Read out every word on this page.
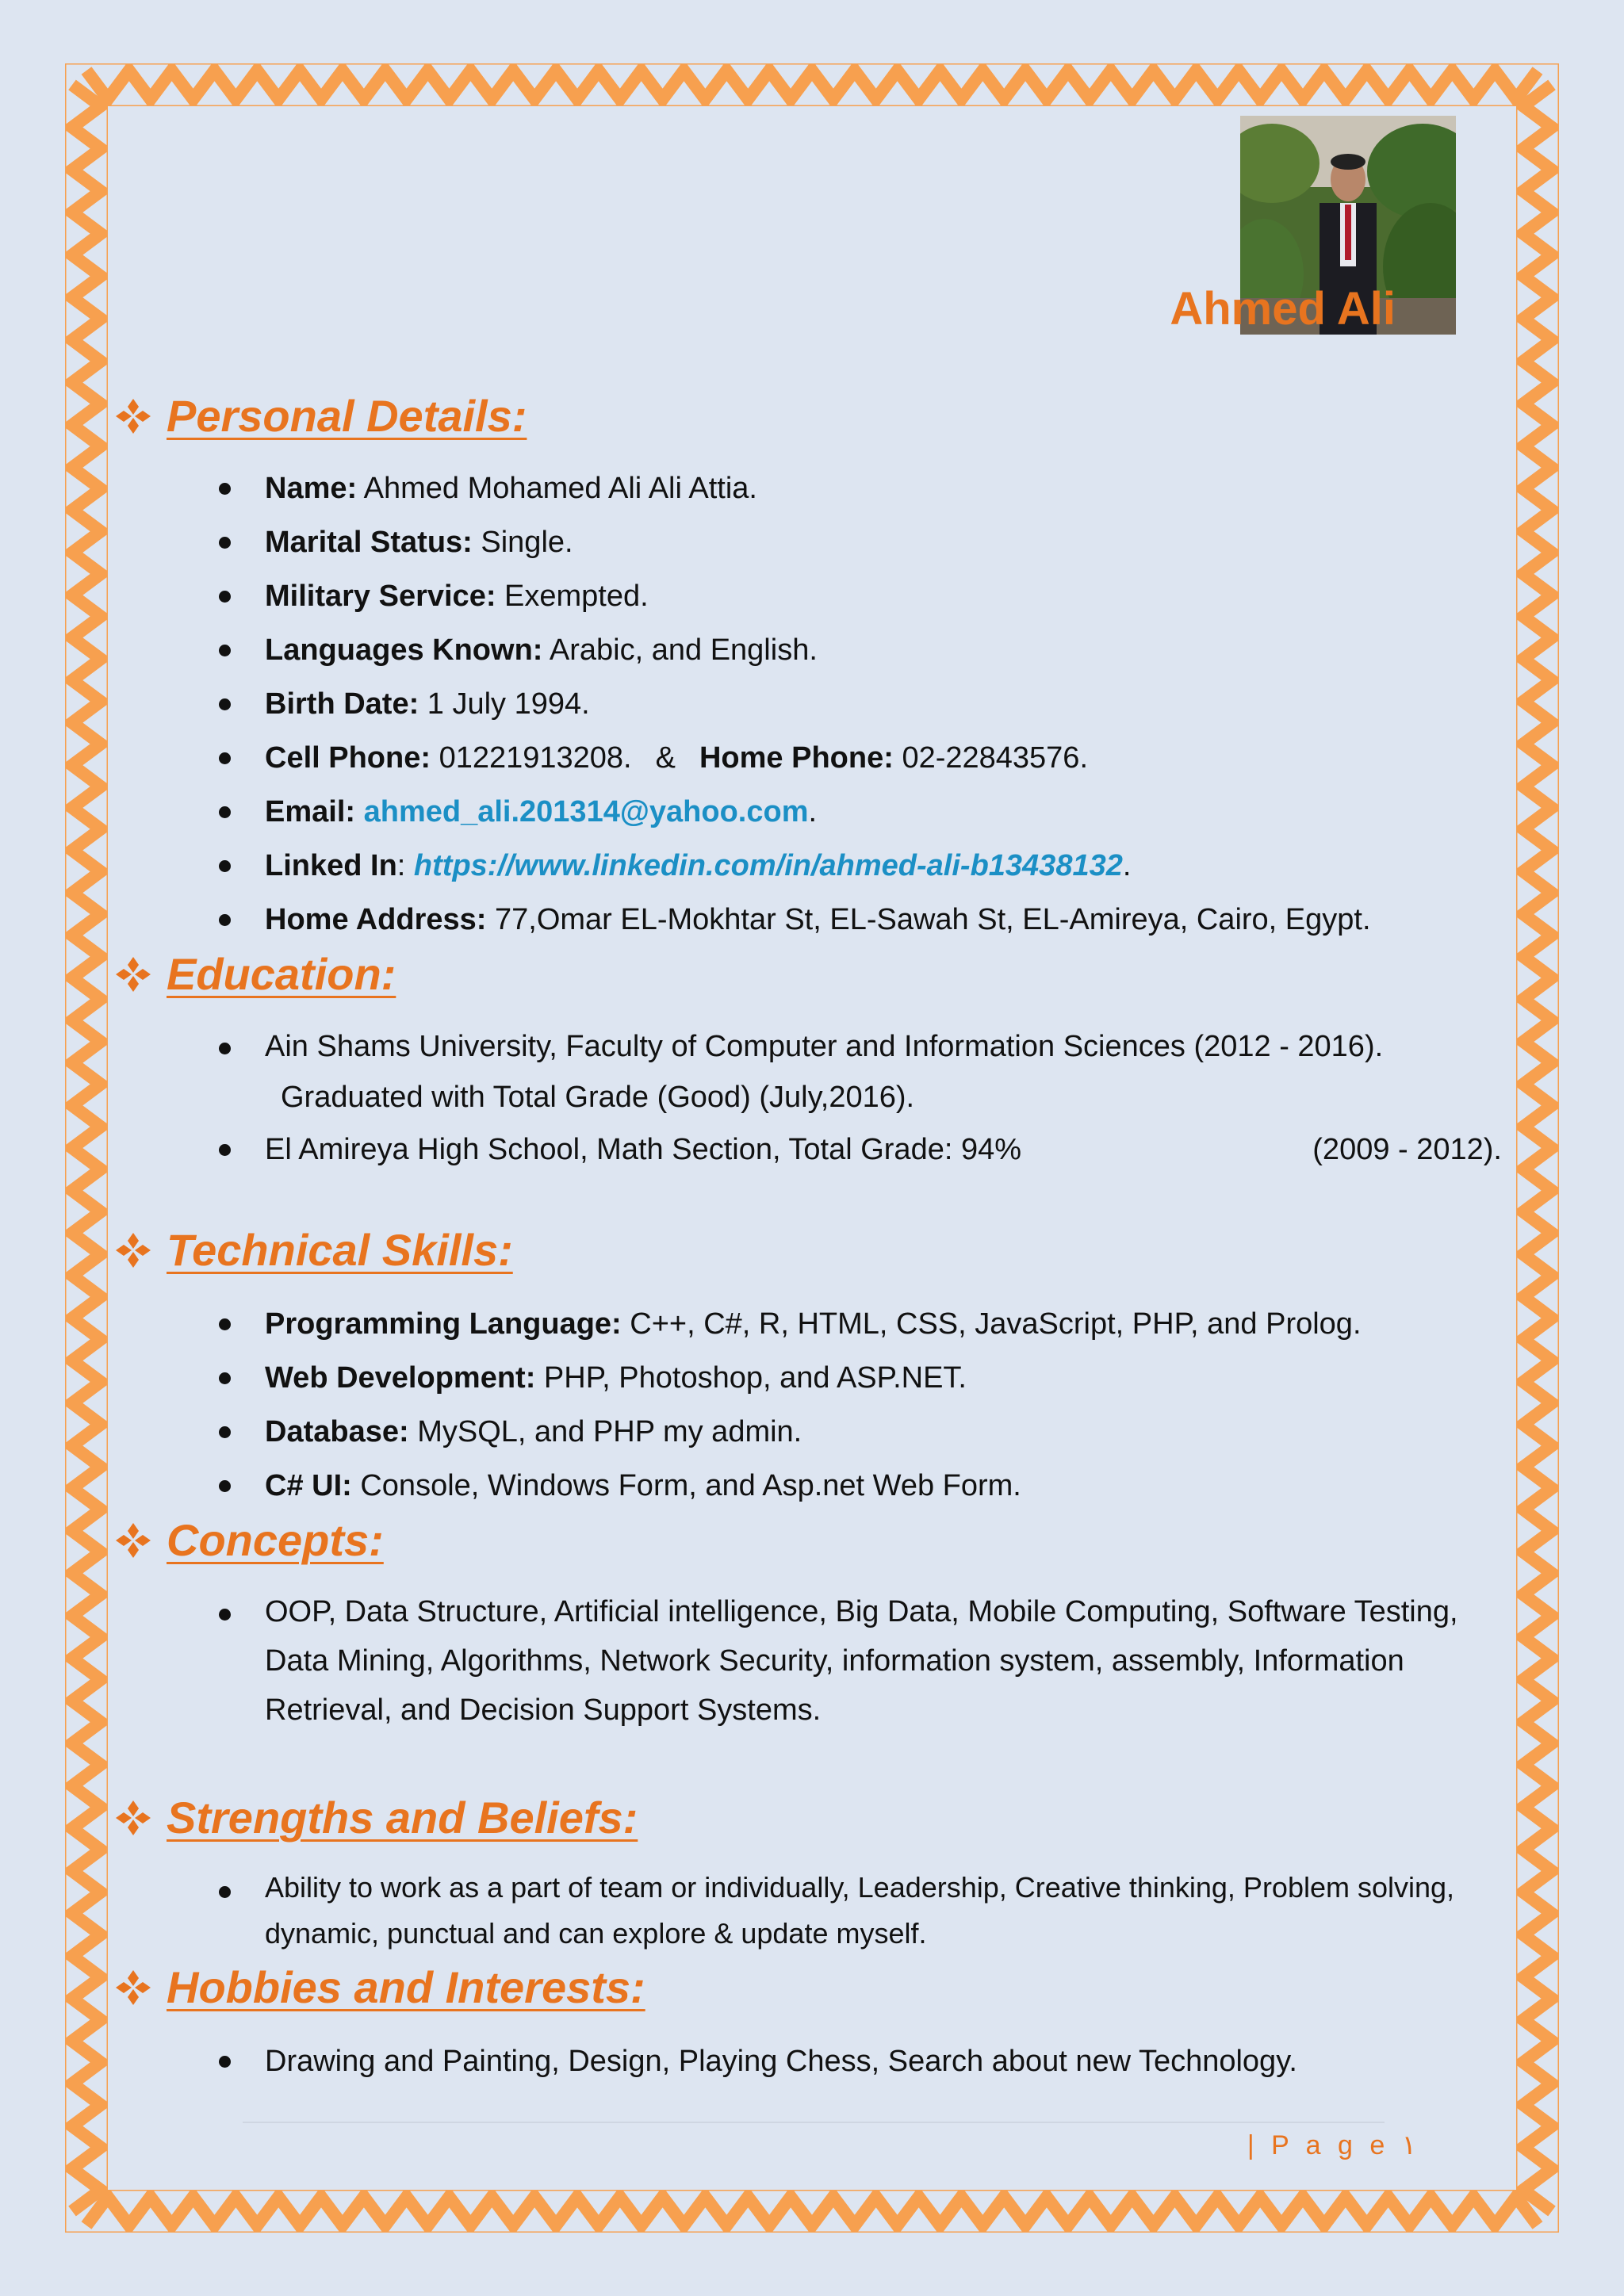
Ahmed Ali
Personal Details:
Name: Ahmed Mohamed Ali Ali Attia.
Marital Status: Single.
Military Service: Exempted.
Languages Known: Arabic, and English.
Birth Date: 1 July 1994.
Cell Phone: 01221913208. & Home Phone: 02-22843576.
Email: ahmed_ali.201314@yahoo.com.
Linked In: https://www.linkedin.com/in/ahmed-ali-b13438132.
Home Address: 77,Omar EL-Mokhtar St, EL-Sawah St, EL-Amireya, Cairo, Egypt.
Education:
Ain Shams University, Faculty of Computer and Information Sciences (2012 - 2016).
Graduated with Total Grade (Good) (July,2016).
El Amireya High School, Math Section, Total Grade: 94%	(2009 - 2012).
Technical Skills:
Programming Language: C++, C#, R, HTML, CSS, JavaScript, PHP, and Prolog.
Web Development: PHP, Photoshop, and ASP.NET.
Database: MySQL, and PHP my admin.
C# UI: Console, Windows Form, and Asp.net Web Form.
Concepts:
OOP, Data Structure, Artificial intelligence, Big Data, Mobile Computing, Software Testing, Data Mining, Algorithms, Network Security, information system, assembly, Information Retrieval, and Decision Support Systems.
Strengths and Beliefs:
Ability to work as a part of team or individually, Leadership, Creative thinking, Problem solving, dynamic, punctual and can explore & update myself.
Hobbies and Interests:
Drawing and Painting, Design, Playing Chess, Search about new Technology.
| P a g e ١
